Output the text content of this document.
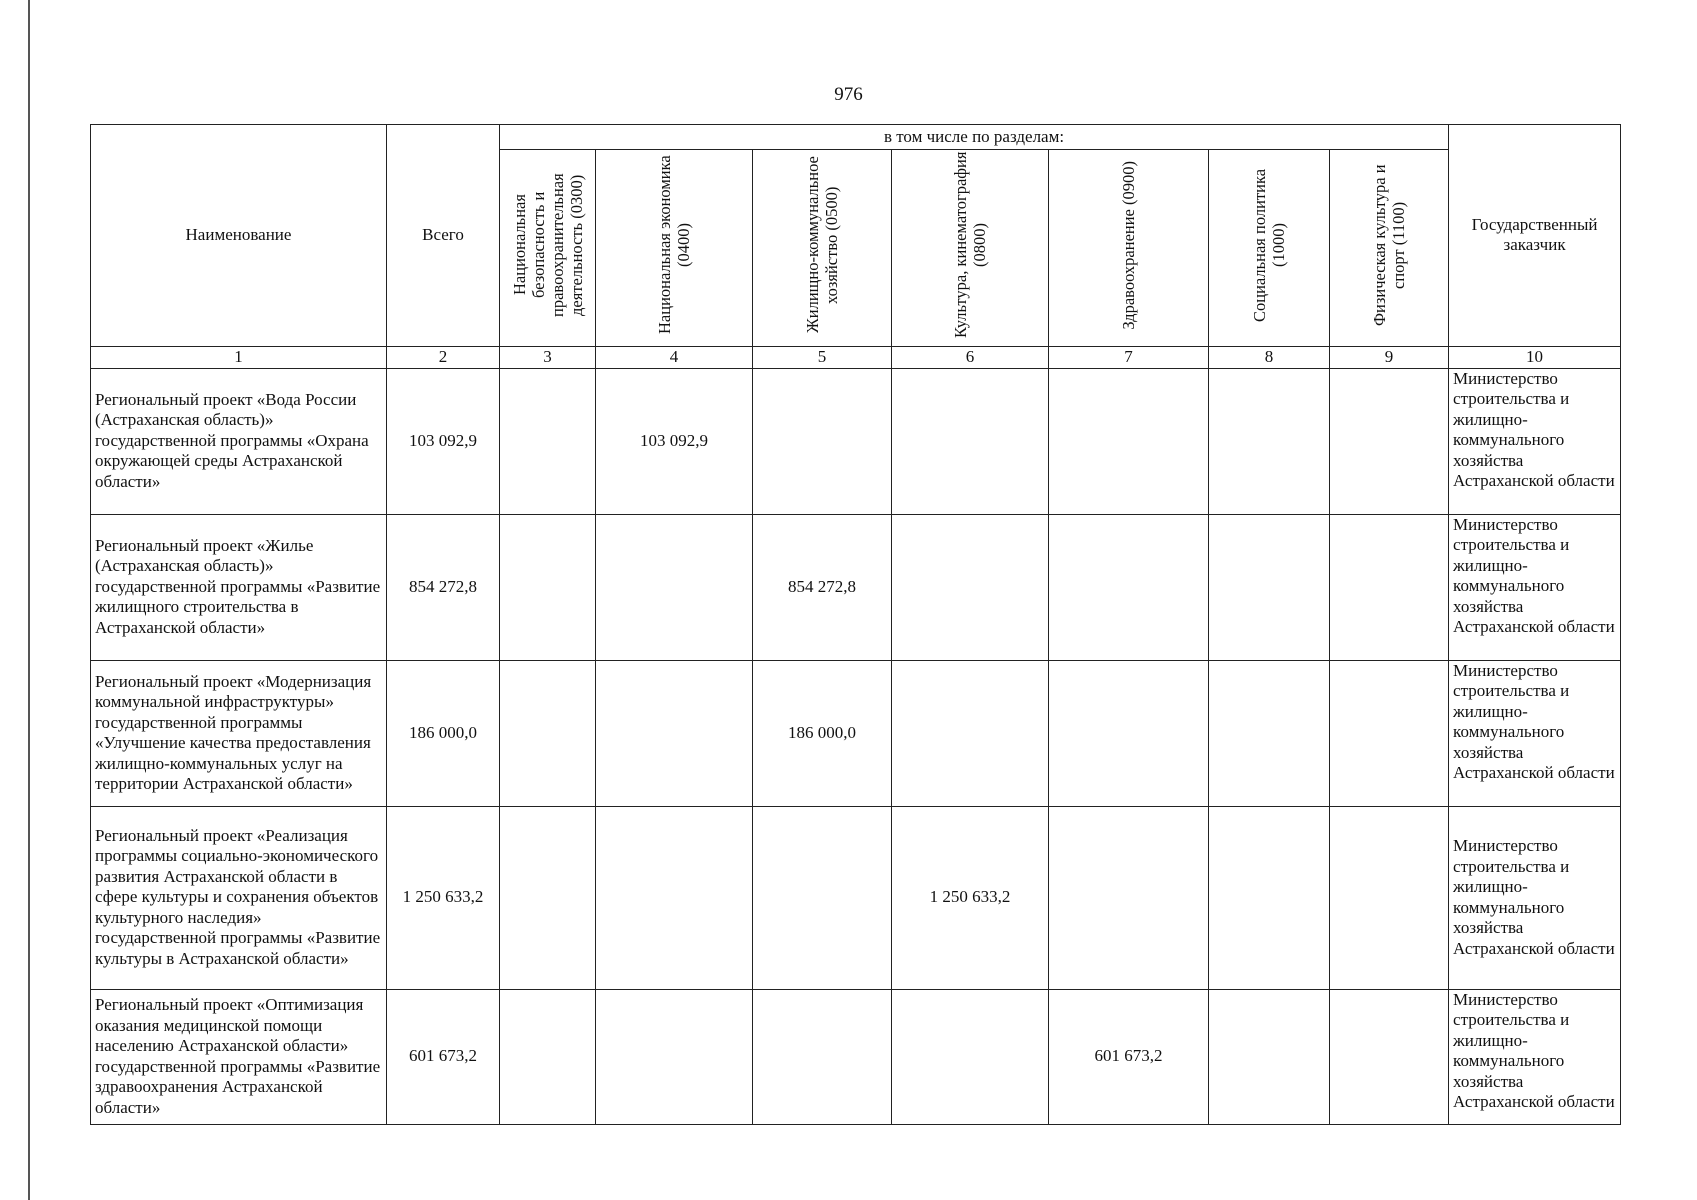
976
Наименование	Всего	в том числе по разделам:							Государственный заказчик
		Национальная безопасность и правоохранительная деятельность (0300)	Национальная экономика (0400)	Жилищно-коммунальное хозяйство (0500)	Культура, кинематография (0800)	Здравоохранение (0900)	Социальная политика (1000)	Физическая культура и спорт (1100)	
1	2	3	4	5	6	7	8	9	10
Региональный проект «Вода России (Астраханская область)» государственной программы «Охрана окружающей среды Астраханской области»	103 092,9		103 092,9						Министерство строительства и жилищно-коммунального хозяйства Астраханской области
Региональный проект «Жилье (Астраханская область)» государственной программы «Развитие жилищного строительства в Астраханской области»	854 272,8			854 272,8					Министерство строительства и жилищно-коммунального хозяйства Астраханской области
Региональный проект «Модернизация коммунальной инфраструктуры» государственной программы «Улучшение качества предоставления жилищно-коммунальных услуг на территории Астраханской области»	186 000,0			186 000,0					Министерство строительства и жилищно-коммунального хозяйства Астраханской области
Региональный проект «Реализация программы социально-экономического развития Астраханской области в сфере культуры и сохранения объектов культурного наследия» государственной программы «Развитие культуры в Астраханской области»	1 250 633,2				1 250 633,2				Министерство строительства и жилищно-коммунального хозяйства Астраханской области
Региональный проект «Оптимизация оказания медицинской помощи населению Астраханской области» государственной программы «Развитие здравоохранения Астраханской области»	601 673,2					601 673,2			Министерство строительства и жилищно-коммунального хозяйства Астраханской области
